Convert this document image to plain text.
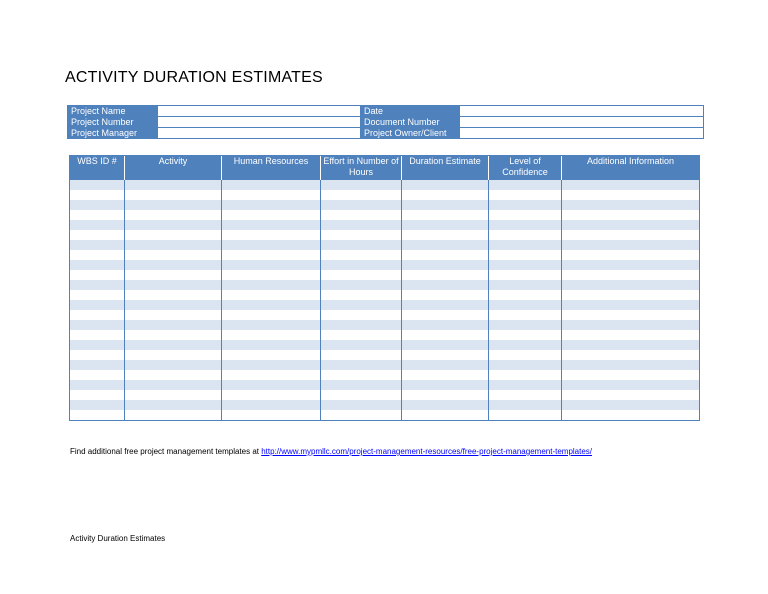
ACTIVITY DURATION ESTIMATES
Project Name		Date	
Project Number		Document Number	
Project Manager		Project Owner/Client	
WBS ID #	Activity	Human Resources	Effort in Number of Hours	Duration Estimate	Level of Confidence	Additional Information

Find additional free project management templates at http://www.mypmllc.com/project-management-resources/free-project-management-templates/
Activity Duration Estimates
